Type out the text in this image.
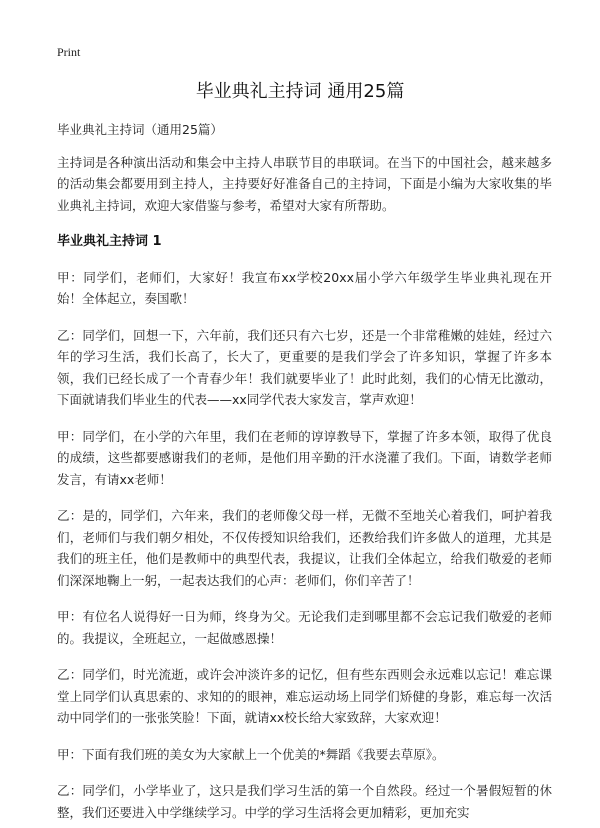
Print
毕业典礼主持词 通用25篇

毕业典礼主持词（通用25篇）

主持词是各种演出活动和集会中主持人串联节目的串联词。在当下的中国社会，越来越多的活动集会都要用到主持人，主持要好好准备自己的主持词，下面是小编为大家收集的毕业典礼主持词，欢迎大家借鉴与参考，希望对大家有所帮助。

毕业典礼主持词 1

甲：同学们，老师们，大家好！我宣布xx学校20xx届小学六年级学生毕业典礼现在开始！全体起立，奏国歌！

乙：同学们，回想一下，六年前，我们还只有六七岁，还是一个非常稚嫩的娃娃，经过六年的学习生活，我们长高了，长大了，更重要的是我们学会了许多知识，掌握了许多本领，我们已经长成了一个青春少年！我们就要毕业了！此时此刻，我们的心情无比激动，下面就请我们毕业生的代表——xx同学代表大家发言，掌声欢迎！

甲：同学们，在小学的六年里，我们在老师的谆谆教导下，掌握了许多本领，取得了优良的成绩，这些都要感谢我们的老师，是他们用辛勤的汗水浇灌了我们。下面，请数学老师发言，有请xx老师！

乙：是的，同学们，六年来，我们的老师像父母一样，无微不至地关心着我们，呵护着我们，老师们与我们朝夕相处，不仅传授知识给我们，还教给我们许多做人的道理，尤其是我们的班主任，他们是教师中的典型代表，我提议，让我们全体起立，给我们敬爱的老师们深深地鞠上一躬，一起表达我们的心声：老师们，你们辛苦了！

甲：有位名人说得好一日为师，终身为父。无论我们走到哪里都不会忘记我们敬爱的老师的。我提议，全班起立，一起做感恩操！

乙：同学们，时光流逝，或许会冲淡许多的记忆，但有些东西则会永远难以忘记！难忘课堂上同学们认真思索的、求知的的眼神，难忘运动场上同学们矫健的身影，难忘每一次活动中同学们的一张张笑脸！下面，就请xx校长给大家致辞，大家欢迎！

甲：下面有我们班的美女为大家献上一个优美的*舞蹈《我要去草原》。

乙：同学们，小学毕业了，这只是我们学习生活的第一个自然段。经过一个暑假短暂的休整，我们还要进入中学继续学习。中学的学习生活将会更加精彩，更加充实
